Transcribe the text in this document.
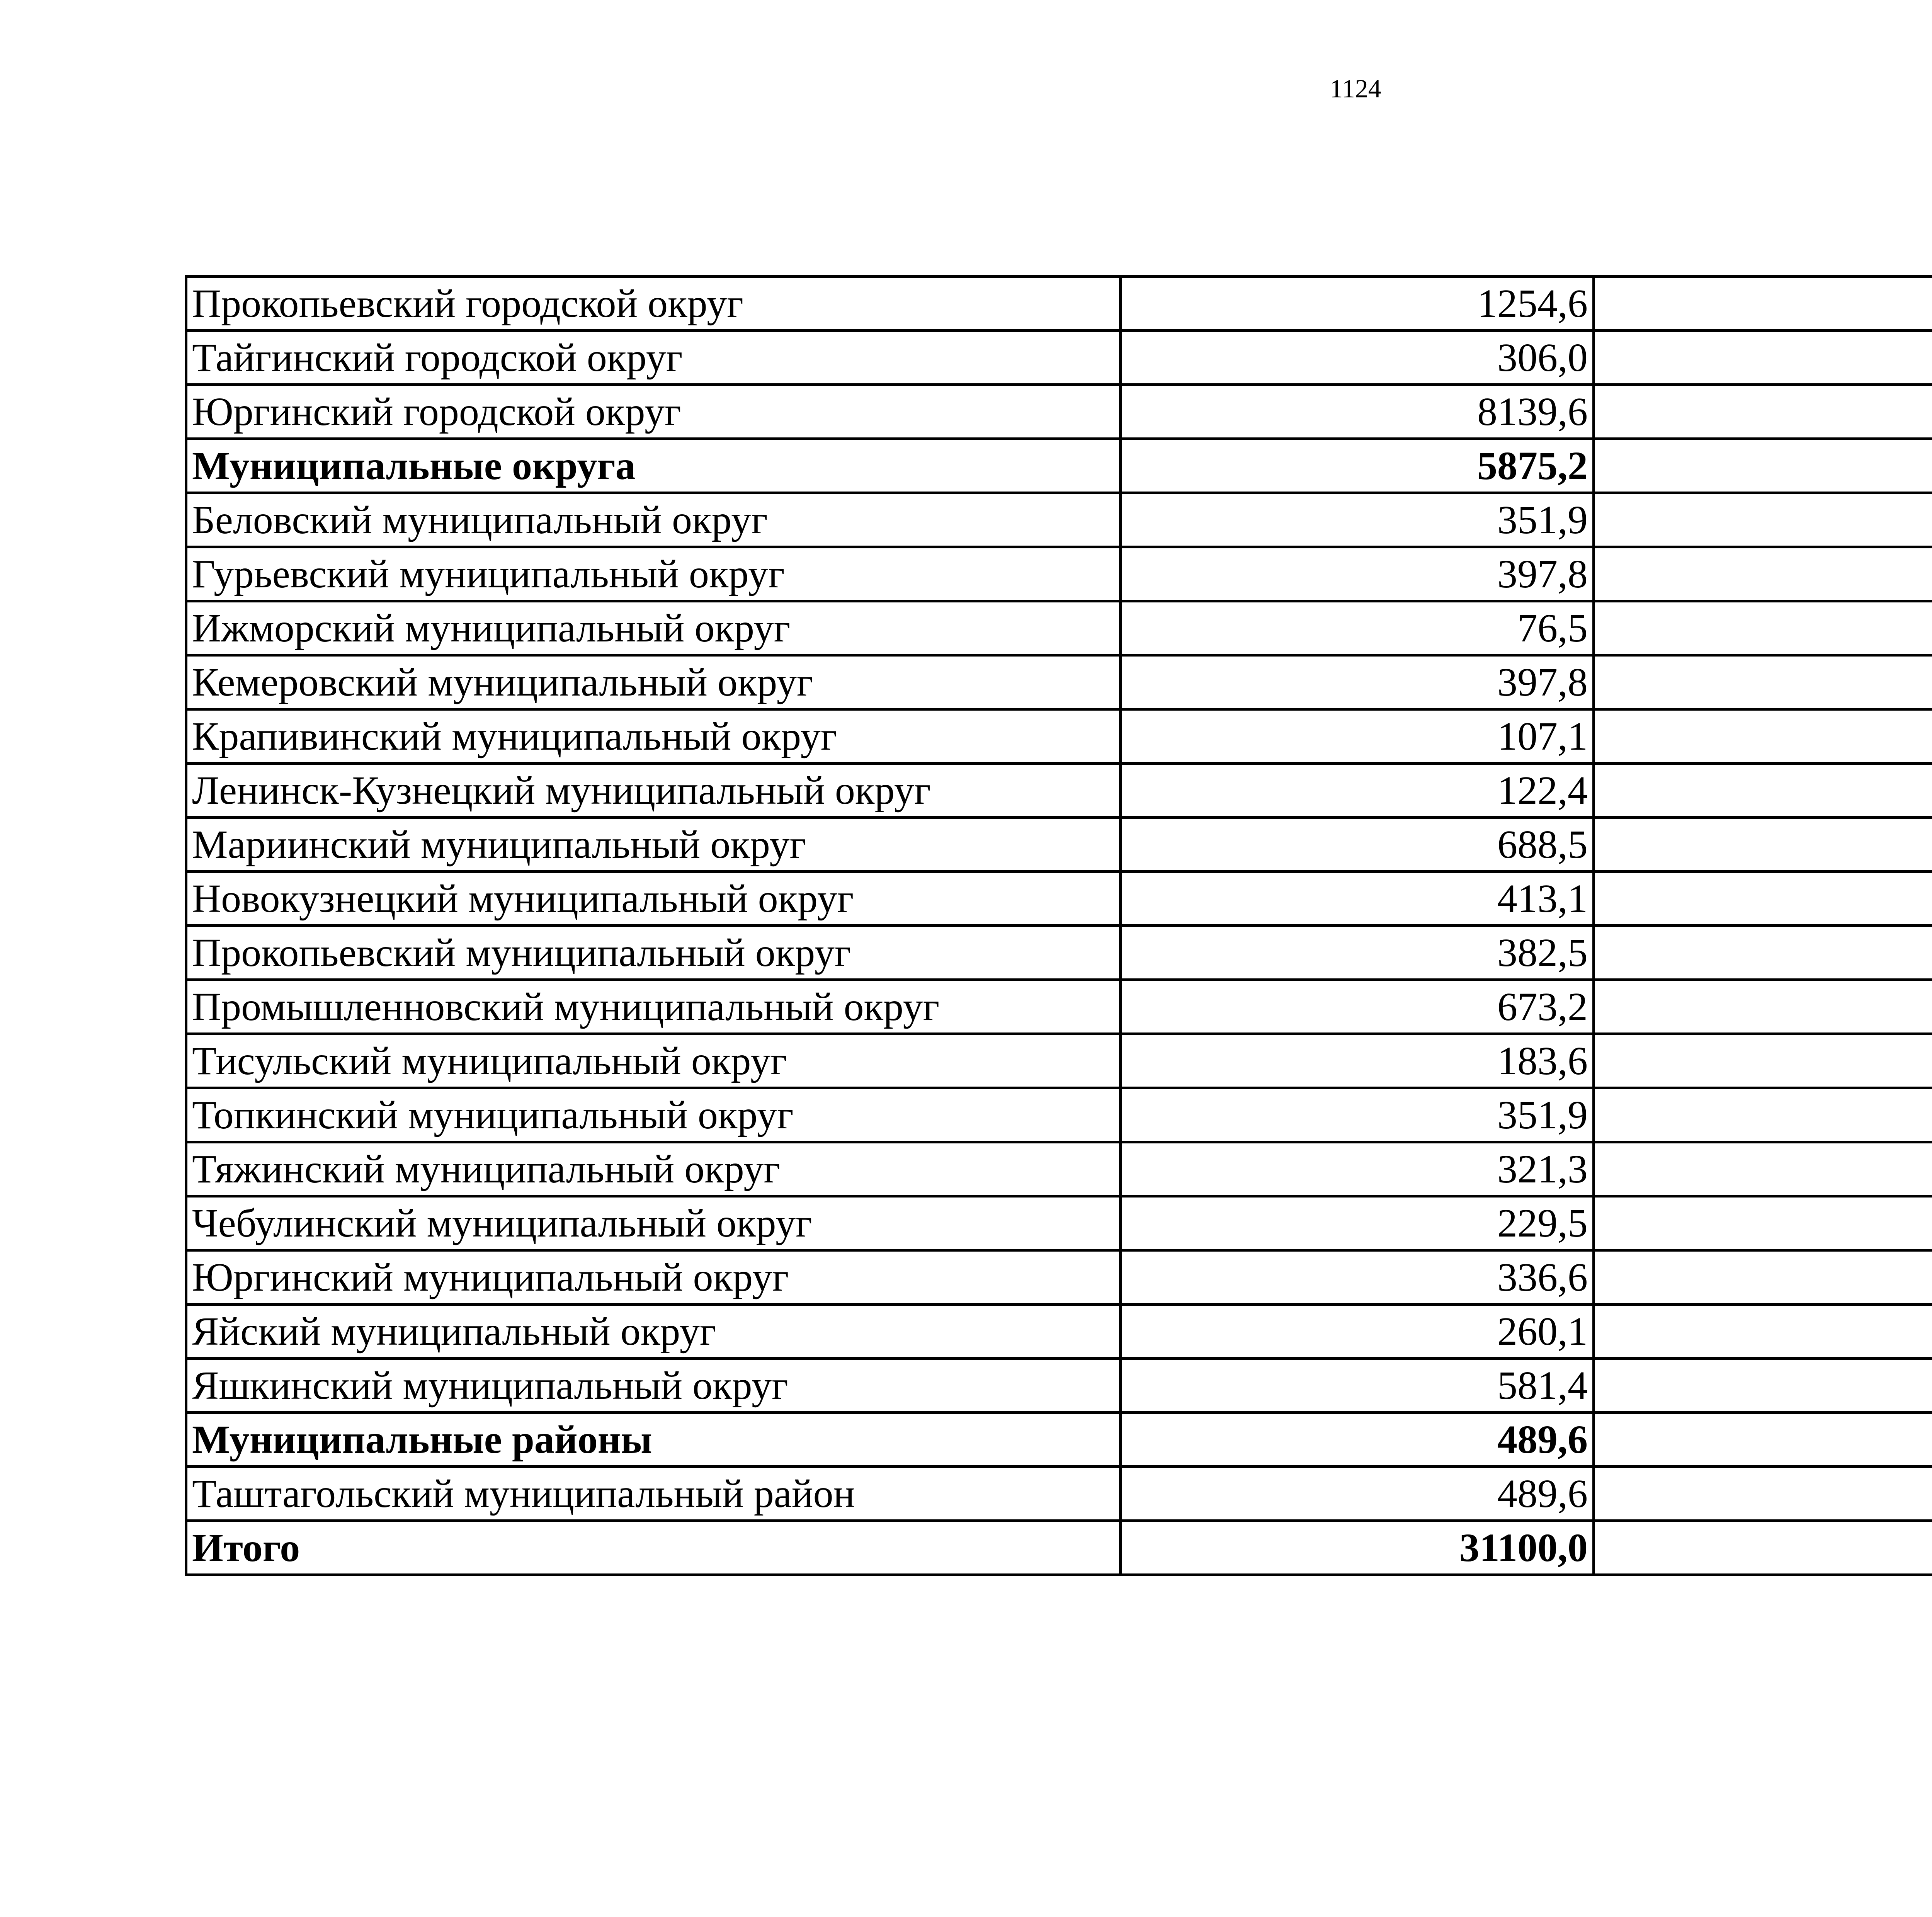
1124
Прокопьевский городской округ	1254,6		
Тайгинский городской округ	306,0		
Юргинский городской округ	8139,6		
Муниципальные округа	5875,2		
Беловский муниципальный округ	351,9		
Гурьевский муниципальный округ	397,8		
Ижморский муниципальный округ	76,5		
Кемеровский муниципальный округ	397,8		
Крапивинский муниципальный округ	107,1		
Ленинск-Кузнецкий муниципальный округ	122,4		
Мариинский муниципальный округ	688,5		
Новокузнецкий муниципальный округ	413,1		
Прокопьевский муниципальный округ	382,5		
Промышленновский муниципальный округ	673,2		
Тисульский муниципальный округ	183,6		
Топкинский муниципальный округ	351,9		
Тяжинский муниципальный округ	321,3		
Чебулинский муниципальный округ	229,5		
Юргинский муниципальный округ	336,6		
Яйский муниципальный округ	260,1		
Яшкинский муниципальный округ	581,4		
Муниципальные районы	489,6		
Таштагольский муниципальный район	489,6		
Итого	31100,0		
